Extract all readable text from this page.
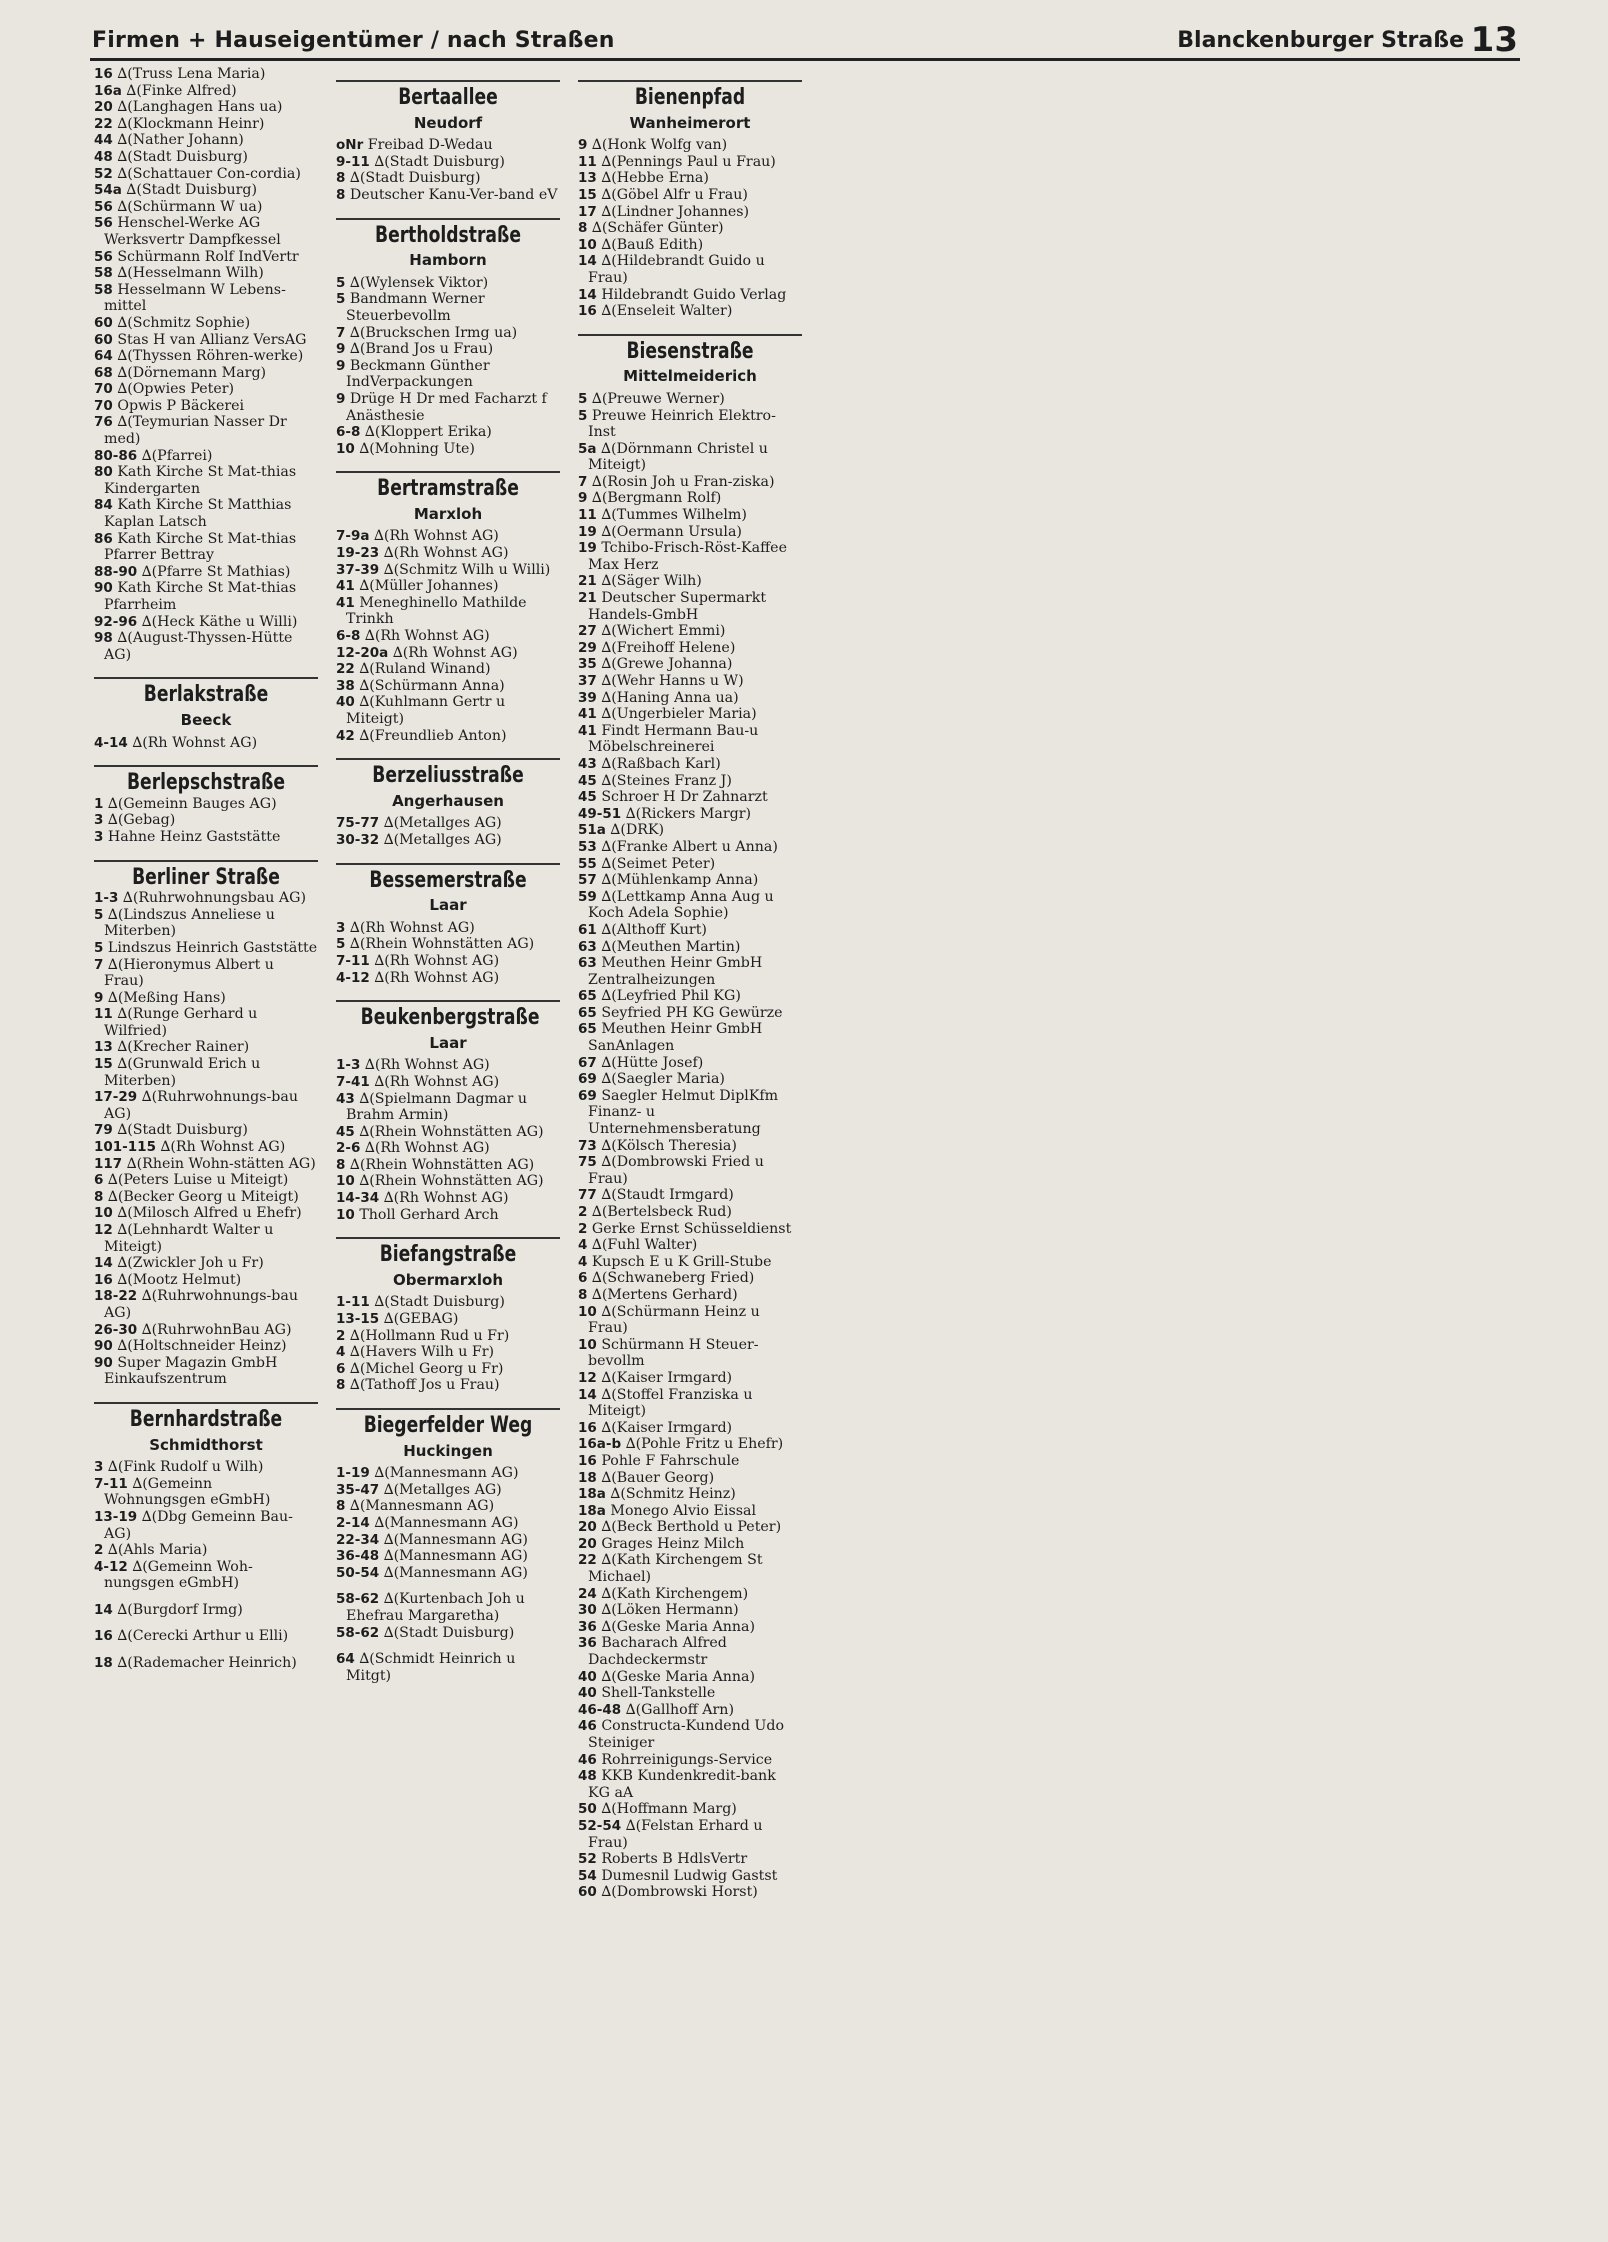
Firmen + Hauseigentümer / nach Straßen	Blanckenburger Straße 13

16 ∆(Truss Lena Maria)

16a ∆(Finke Alfred)

20 ∆(Langhagen Hans ua)

22 ∆(Klockmann Heinr)

44 ∆(Nather Johann)

48 ∆(Stadt Duisburg)

52 ∆(Schattauer Con-cordia)

54a ∆(Stadt Duisburg)

56 ∆(Schürmann W ua)

56 Henschel-Werke AG Werksvertr Dampfkessel

56 Schürmann Rolf IndVertr

58 ∆(Hesselmann Wilh)

58 Hesselmann W Lebens-mittel

60 ∆(Schmitz Sophie)

60 Stas H van Allianz VersAG

64 ∆(Thyssen Röhren-werke)

68 ∆(Dörnemann Marg)

70 ∆(Opwies Peter)

70 Opwis P Bäckerei

76 ∆(Teymurian Nasser Dr med)

80-86 ∆(Pfarrei)

80 Kath Kirche St Mat-thias Kindergarten

84 Kath Kirche St Matthias Kaplan Latsch

86 Kath Kirche St Mat-thias Pfarrer Bettray

88-90 ∆(Pfarre St Mathias)

90 Kath Kirche St Mat-thias Pfarrheim

92-96 ∆(Heck Käthe u Willi)

98 ∆(August-Thyssen-Hütte AG)

Berlakstraße
Beeck

4-14 ∆(Rh Wohnst AG)

Berlepschstraße

1 ∆(Gemeinn Bauges AG)

3 ∆(Gebag)

3 Hahne Heinz Gaststätte

Berliner Straße

1-3 ∆(Ruhrwohnungsbau AG)

5 ∆(Lindszus Anneliese u Miterben)

5 Lindszus Heinrich Gaststätte

7 ∆(Hieronymus Albert u Frau)

9 ∆(Meßing Hans)

11 ∆(Runge Gerhard u Wilfried)

13 ∆(Krecher Rainer)

15 ∆(Grunwald Erich u Miterben)

17-29 ∆(Ruhrwohnungs-bau AG)

79 ∆(Stadt Duisburg)

101-115 ∆(Rh Wohnst AG)

117 ∆(Rhein Wohn-stätten AG)

6 ∆(Peters Luise u Miteigt)

8 ∆(Becker Georg u Miteigt)

10 ∆(Milosch Alfred u Ehefr)

12 ∆(Lehnhardt Walter u Miteigt)

14 ∆(Zwickler Joh u Fr)

16 ∆(Mootz Helmut)

18-22 ∆(Ruhrwohnungs-bau AG)

26-30 ∆(RuhrwohnBau AG)

90 ∆(Holtschneider Heinz)

90 Super Magazin GmbH Einkaufszentrum

Bernhardstraße
Schmidthorst

3 ∆(Fink Rudolf u Wilh)

7-11 ∆(Gemeinn Wohnungsgen eGmbH)

13-19 ∆(Dbg Gemeinn Bau-AG)

2 ∆(Ahls Maria)

4-12 ∆(Gemeinn Woh-nungsgen eGmbH)

14 ∆(Burgdorf Irmg)

16 ∆(Cerecki Arthur u Elli)

18 ∆(Rademacher Heinrich)

Bertaallee
Neudorf

oNr Freibad D-Wedau

9-11 ∆(Stadt Duisburg)

8 ∆(Stadt Duisburg)

8 Deutscher Kanu-Ver-band eV

Bertholdstraße
Hamborn

5 ∆(Wylensek Viktor)

5 Bandmann Werner Steuerbevollm

7 ∆(Bruckschen Irmg ua)

9 ∆(Brand Jos u Frau)

9 Beckmann Günther IndVerpackungen

9 Drüge H Dr med Facharzt f Anästhesie

6-8 ∆(Kloppert Erika)

10 ∆(Mohning Ute)

Bertramstraße
Marxloh

7-9a ∆(Rh Wohnst AG)

19-23 ∆(Rh Wohnst AG)

37-39 ∆(Schmitz Wilh u Willi)

41 ∆(Müller Johannes)

41 Meneghinello Mathilde Trinkh

6-8 ∆(Rh Wohnst AG)

12-20a ∆(Rh Wohnst AG)

22 ∆(Ruland Winand)

38 ∆(Schürmann Anna)

40 ∆(Kuhlmann Gertr u Miteigt)

42 ∆(Freundlieb Anton)

Berzeliusstraße
Angerhausen

75-77 ∆(Metallges AG)

30-32 ∆(Metallges AG)

Bessemerstraße
Laar

3 ∆(Rh Wohnst AG)

5 ∆(Rhein Wohnstätten AG)

7-11 ∆(Rh Wohnst AG)

4-12 ∆(Rh Wohnst AG)

Beukenbergstraße
Laar

1-3 ∆(Rh Wohnst AG)

7-41 ∆(Rh Wohnst AG)

43 ∆(Spielmann Dagmar u Brahm Armin)

45 ∆(Rhein Wohnstätten AG)

2-6 ∆(Rh Wohnst AG)

8 ∆(Rhein Wohnstätten AG)

10 ∆(Rhein Wohnstätten AG)

14-34 ∆(Rh Wohnst AG)

10 Tholl Gerhard Arch

Biefangstraße
Obermarxloh

1-11 ∆(Stadt Duisburg)

13-15 ∆(GEBAG)

2 ∆(Hollmann Rud u Fr)

4 ∆(Havers Wilh u Fr)

6 ∆(Michel Georg u Fr)

8 ∆(Tathoff Jos u Frau)

Biegerfelder Weg
Huckingen

1-19 ∆(Mannesmann AG)

35-47 ∆(Metallges AG)

8 ∆(Mannesmann AG)

2-14 ∆(Mannesmann AG)

22-34 ∆(Mannesmann AG)

36-48 ∆(Mannesmann AG)

50-54 ∆(Mannesmann AG)

58-62 ∆(Kurtenbach Joh u Ehefrau Margaretha)

58-62 ∆(Stadt Duisburg)

64 ∆(Schmidt Heinrich u Mitgt)

Bienenpfad
Wanheimerort

9 ∆(Honk Wolfg van)

11 ∆(Pennings Paul u Frau)

13 ∆(Hebbe Erna)

15 ∆(Göbel Alfr u Frau)

17 ∆(Lindner Johannes)

8 ∆(Schäfer Günter)

10 ∆(Bauß Edith)

14 ∆(Hildebrandt Guido u Frau)

14 Hildebrandt Guido Verlag

16 ∆(Enseleit Walter)

Biesenstraße
Mittelmeiderich

5 ∆(Preuwe Werner)

5 Preuwe Heinrich Elektro-Inst

5a ∆(Dörnmann Christel u Miteigt)

7 ∆(Rosin Joh u Fran-ziska)

9 ∆(Bergmann Rolf)

11 ∆(Tummes Wilhelm)

19 ∆(Oermann Ursula)

19 Tchibo-Frisch-Röst-Kaffee Max Herz

21 ∆(Säger Wilh)

21 Deutscher Supermarkt Handels-GmbH

27 ∆(Wichert Emmi)

29 ∆(Freihoff Helene)

35 ∆(Grewe Johanna)

37 ∆(Wehr Hanns u W)

39 ∆(Haning Anna ua)

41 ∆(Ungerbieler Maria)

41 Findt Hermann Bau-u Möbelschreinerei

43 ∆(Raßbach Karl)

45 ∆(Steines Franz J)

45 Schroer H Dr Zahnarzt

49-51 ∆(Rickers Margr)

51a ∆(DRK)

53 ∆(Franke Albert u Anna)

55 ∆(Seimet Peter)

57 ∆(Mühlenkamp Anna)

59 ∆(Lettkamp Anna Aug u Koch Adela Sophie)

61 ∆(Althoff Kurt)

63 ∆(Meuthen Martin)

63 Meuthen Heinr GmbH Zentralheizungen

65 ∆(Leyfried Phil KG)

65 Seyfried PH KG Gewürze

65 Meuthen Heinr GmbH SanAnlagen

67 ∆(Hütte Josef)

69 ∆(Saegler Maria)

69 Saegler Helmut DiplKfm Finanz- u Unternehmensberatung

73 ∆(Kölsch Theresia)

75 ∆(Dombrowski Fried u Frau)

77 ∆(Staudt Irmgard)

2 ∆(Bertelsbeck Rud)

2 Gerke Ernst Schüsseldienst

4 ∆(Fuhl Walter)

4 Kupsch E u K Grill-Stube

6 ∆(Schwaneberg Fried)

8 ∆(Mertens Gerhard)

10 ∆(Schürmann Heinz u Frau)

10 Schürmann H Steuer-bevollm

12 ∆(Kaiser Irmgard)

14 ∆(Stoffel Franziska u Miteigt)

16 ∆(Kaiser Irmgard)

16a-b ∆(Pohle Fritz u Ehefr)

16 Pohle F Fahrschule

18 ∆(Bauer Georg)

18a ∆(Schmitz Heinz)

18a Monego Alvio Eissal

20 ∆(Beck Berthold u Peter)

20 Grages Heinz Milch

22 ∆(Kath Kirchengem St Michael)

24 ∆(Kath Kirchengem)

30 ∆(Löken Hermann)

36 ∆(Geske Maria Anna)

36 Bacharach Alfred Dachdeckermstr

40 ∆(Geske Maria Anna)

40 Shell-Tankstelle

46-48 ∆(Gallhoff Arn)

46 Constructa-Kundend Udo Steiniger

46 Rohrreinigungs-Service

48 KKB Kundenkredit-bank KG aA

50 ∆(Hoffmann Marg)

52-54 ∆(Felstan Erhard u Frau)

52 Roberts B HdlsVertr

54 Dumesnil Ludwig Gastst

60 ∆(Dombrowski Horst)
